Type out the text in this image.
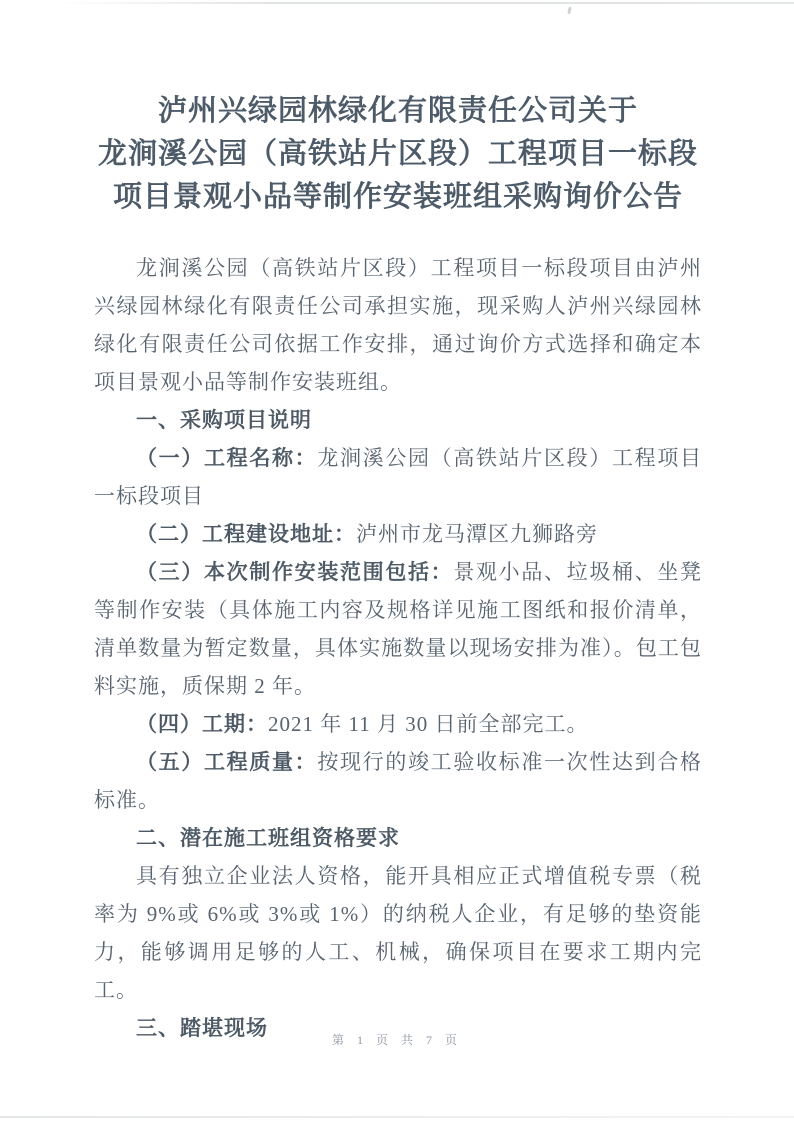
泸州兴绿园林绿化有限责任公司关于
龙涧溪公园（高铁站片区段）工程项目一标段
项目景观小品等制作安装班组采购询价公告

龙涧溪公园（高铁站片区段）工程项目一标段项目由泸州兴绿园林绿化有限责任公司承担实施，现采购人泸州兴绿园林绿化有限责任公司依据工作安排，通过询价方式选择和确定本项目景观小品等制作安装班组。

一、采购项目说明

（一）工程名称：龙涧溪公园（高铁站片区段）工程项目一标段项目

（二）工程建设地址：泸州市龙马潭区九狮路旁

（三）本次制作安装范围包括：景观小品、垃圾桶、坐凳等制作安装（具体施工内容及规格详见施工图纸和报价清单，清单数量为暂定数量，具体实施数量以现场安排为准）。包工包料实施，质保期 2 年。

（四）工期：2021 年 11 月 30 日前全部完工。

（五）工程质量：按现行的竣工验收标准一次性达到合格标准。

二、潜在施工班组资格要求

具有独立企业法人资格，能开具相应正式增值税专票（税率为 9%或 6%或 3%或 1%）的纳税人企业，有足够的垫资能力，能够调用足够的人工、机械，确保项目在要求工期内完工。

三、踏堪现场	第 1 页 共 7 页
